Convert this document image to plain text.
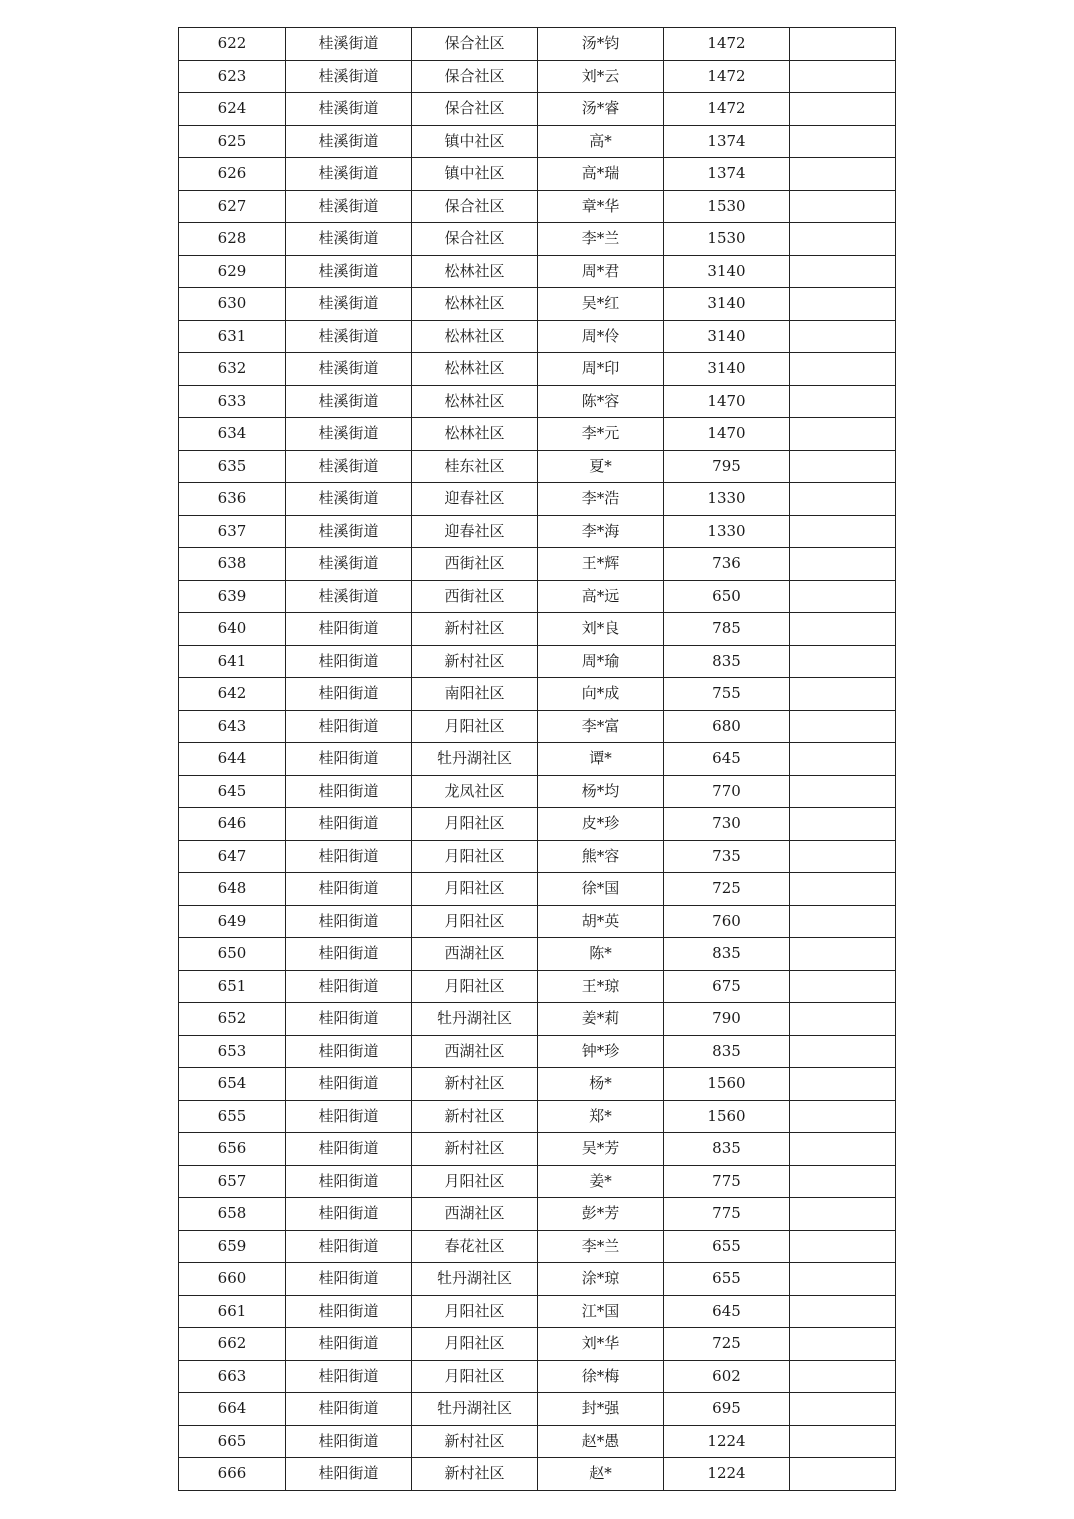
622	桂溪街道	保合社区	汤*钧	1472	
623	桂溪街道	保合社区	刘*云	1472	
624	桂溪街道	保合社区	汤*睿	1472	
625	桂溪街道	镇中社区	高*	1374	
626	桂溪街道	镇中社区	高*瑞	1374	
627	桂溪街道	保合社区	章*华	1530	
628	桂溪街道	保合社区	李*兰	1530	
629	桂溪街道	松林社区	周*君	3140	
630	桂溪街道	松林社区	吴*红	3140	
631	桂溪街道	松林社区	周*伶	3140	
632	桂溪街道	松林社区	周*印	3140	
633	桂溪街道	松林社区	陈*容	1470	
634	桂溪街道	松林社区	李*元	1470	
635	桂溪街道	桂东社区	夏*	795	
636	桂溪街道	迎春社区	李*浩	1330	
637	桂溪街道	迎春社区	李*海	1330	
638	桂溪街道	西街社区	王*辉	736	
639	桂溪街道	西街社区	高*远	650	
640	桂阳街道	新村社区	刘*良	785	
641	桂阳街道	新村社区	周*瑜	835	
642	桂阳街道	南阳社区	向*成	755	
643	桂阳街道	月阳社区	李*富	680	
644	桂阳街道	牡丹湖社区	谭*	645	
645	桂阳街道	龙凤社区	杨*均	770	
646	桂阳街道	月阳社区	皮*珍	730	
647	桂阳街道	月阳社区	熊*容	735	
648	桂阳街道	月阳社区	徐*国	725	
649	桂阳街道	月阳社区	胡*英	760	
650	桂阳街道	西湖社区	陈*	835	
651	桂阳街道	月阳社区	王*琼	675	
652	桂阳街道	牡丹湖社区	姜*莉	790	
653	桂阳街道	西湖社区	钟*珍	835	
654	桂阳街道	新村社区	杨*	1560	
655	桂阳街道	新村社区	郑*	1560	
656	桂阳街道	新村社区	吴*芳	835	
657	桂阳街道	月阳社区	姜*	775	
658	桂阳街道	西湖社区	彭*芳	775	
659	桂阳街道	春花社区	李*兰	655	
660	桂阳街道	牡丹湖社区	涂*琼	655	
661	桂阳街道	月阳社区	江*国	645	
662	桂阳街道	月阳社区	刘*华	725	
663	桂阳街道	月阳社区	徐*梅	602	
664	桂阳街道	牡丹湖社区	封*强	695	
665	桂阳街道	新村社区	赵*愚	1224	
666	桂阳街道	新村社区	赵*	1224	
